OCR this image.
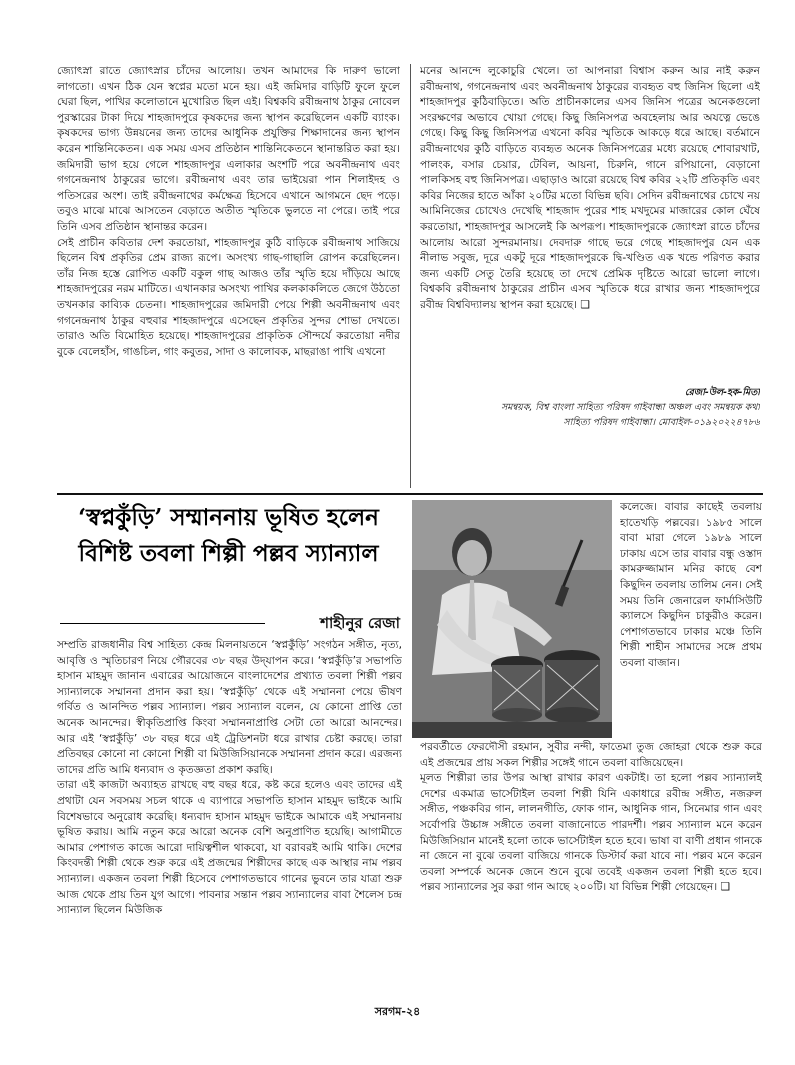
জ্যোৎস্না রাতে জ্যোৎস্নার চাঁদের আলোয়। তখন আমাদের কি দারুণ ভালো লাগতো। এখন ঠিক যেন স্বপ্নের মতো মনে হয়। এই জমিদার বাড়িটি ফুলে ফুলে ঘেরা ছিল, পাখির কলোতানে মুখোরিত ছিল এই। বিশ্বকবি রবীন্দ্রনাথ ঠাকুর নোবেল পুরস্কারের টাকা দিয়ে শাহজাদপুরে কৃষকদের জন্য স্থাপন করেছিলেন একটি ব্যাংক। কৃষকদের ভাগ্য উন্নয়নের জন্য তাদের আধুনিক প্রযুক্তির শিক্ষাদানের জন্য স্থাপন করেন শান্তিনিকেতন। এক সময় এসব প্রতিষ্ঠান শান্তিনিকেতনে স্থানান্তরিত করা হয়। জমিদারী ভাগ হয়ে গেলে শাহজাদপুর এলাকার অংশটি পরে অবনীন্দ্রনাথ এবং গগনেন্দ্রনাথ ঠাকুরের ভাগে। রবীন্দ্রনাথ এবং তার ভাইয়েরা পান শিলাইদহ ও পতিসরের অংশ। তাই রবীন্দ্রনাথের কর্মক্ষেত্র হিসেবে এখানে আগমনে ছেদ পড়ে। তবুও মাঝে মাঝে আসতেন বেড়াতে অতীত স্মৃতিকে ভুলতে না পেরে। তাই পরে তিনি এসব প্রতিষ্ঠান স্থানান্তর করেন।

সেই প্রাচীন কবিতার দেশ করতোয়া, শাহজাদপুর কুঠি বাড়িকে রবীন্দ্রনাথ সাজিয়ে ছিলেন বিশ্ব প্রকৃতির প্রেম রাজ্য রূপে। অসংখ্য গাছ-গাছালি রোপন করেছিলেন। তাঁর নিজ হস্তে রোপিত একটি বকুল গাছ আজও তাঁর স্মৃতি হয়ে দাঁড়িয়ে আছে শাহজাদপুরের নরম মাটিতে। এখানকার অসংখ্য পাখির কলকাকলিতে জেগে উঠতো তখনকার কাব্যিক চেতনা। শাহজাদপুরের জমিদারী পেয়ে শিল্পী অবনীন্দ্রনাথ এবং গগনেন্দ্রনাথ ঠাকুর বহুবার শাহজাদপুরে এসেছেন প্রকৃতির সুন্দর শোভা দেখতে। তারাও অতি বিমোহিত হয়েছে। শাহজাদপুরের প্রাকৃতিক সৌন্দর্যে করতোয়া নদীর বুকে বেলেহাঁস, গাঙচিল, গাং কবুতর, সাদা ও কালোবক, মাছরাঙা পাখি এখনো

মনের আনন্দে লুকোচুরি খেলে। তা আপনারা বিশ্বাস করুন আর নাই করুন রবীন্দ্রনাথ, গগনেন্দ্রনাথ এবং অবনীন্দ্রনাথ ঠাকুরের ব্যবহৃত বহু জিনিস ছিলো এই শাহজাদপুর কুঠিবাড়িতে। অতি প্রাচীনকালের এসব জিনিস পত্রের অনেকগুলো সংরক্ষণের অভাবে খোয়া গেছে। কিছু জিনিসপত্র অবহেলায় আর অযত্নে ভেঙে গেছে। কিছু কিছু জিনিসপত্র এখনো কবির স্মৃতিকে আকড়ে ধরে আছে। বর্তমানে রবীন্দ্রনাথের কুঠি বাড়িতে ব্যবহৃত অনেক জিনিসপত্রের মধ্যে রয়েছে শোবারখাট, পালংক, বসার চেয়ার, টেবিল, আয়না, চিরুনি, গানে রপিয়ানো, বেড়ানো পালকিসহ বহু জিনিসপত্র। এছাড়াও আরো রয়েছে বিশ্ব কবির ২২টি প্রতিকৃতি এবং কবির নিজের হাতে আঁকা ২০টির মতো বিভিন্ন ছবি। সেদিন রবীন্দ্রনাথের চোখে নয় আমিনিজের চোখেও দেখেছি শাহজাদ পুরের শাহ মখদুমের মাজারের কোল ঘেঁষে করতোয়া, শাহজাদপুর আসলেই কি অপরূপ। শাহজাদপুরকে জ্যোৎস্না রাতে চাঁদের আলোয় আরো সুন্দরমানায়। দেবদারু গাছে ভরে গেছে শাহজাদপুর যেন এক নীলাভ সবুজ, দূরে একটু দূরে শাহজাদপুরকে দ্বি-খণ্ডিত এক খন্ডে পরিণত করার জন্য একটি সেতু তৈরি হয়েছে তা দেখে প্রেমিক দৃষ্টিতে আরো ভালো লাগে। বিশ্বকবি রবীন্দ্রনাথ ঠাকুরের প্রাচীন এসব স্মৃতিকে ধরে রাখার জন্য শাহজাদপুরে রবীন্দ্র বিশ্ববিদ্যালয় স্থাপন করা হয়েছে। ❑

রেজা-উল-হক-মিতা
সমন্বয়ক, বিশ্ব বাংলা সাহিত্য পরিষদ গাইবান্ধা অঞ্চল এবং সমন্বয়ক কথা
সাহিত্য পরিষদ গাইবান্ধা। মোবাইল-০১৯২০২২৪৭৮৬
‘স্বপ্নকুঁড়ি’ সম্মাননায় ভূষিত হলেন বিশিষ্ট তবলা শিল্পী পল্লব স্যান্যাল
শাহীনুর রেজা

সম্প্রতি রাজধানীর বিশ্ব সাহিত্য কেন্দ্র মিলনায়তনে ‘স্বপ্নকুঁড়ি’ সংগঠন সঙ্গীত, নৃত্য, আবৃত্তি ও স্মৃতিচারণ নিয়ে গৌরবের ৩৮ বছর উদ্‌যাপন করে। ‘স্বপ্নকুঁড়ি’র সভাপতি হাসান মাহমুদ জানান এবারের আয়োজনে বাংলাদেশের প্রখ্যাত তবলা শিল্পী পল্লব স্যান্যালকে সম্মাননা প্রদান করা হয়। ‘স্বপ্নকুঁড়ি’ থেকে এই সম্মাননা পেয়ে ভীষণ গর্বিত ও আনন্দিত পল্লব স্যান্যাল। পল্লব স্যান্যাল বলেন, যে কোনো প্রাপ্তি তো অনেক আনন্দের। স্বীকৃতিপ্রাপ্তি কিংবা সম্মাননাপ্রাপ্তি সেটা তো আরো আনন্দের। আর এই ‘স্বপ্নকুঁড়ি’ ৩৮ বছর ধরে এই ট্রেডিশনটা ধরে রাখার চেষ্টা করছে। তারা প্রতিবছর কোনো না কোনো শিল্পী বা মিউজিসিয়ানকে সম্মাননা প্রদান করে। এরজন্য তাদের প্রতি আমি ধন্যবাদ ও কৃতজ্ঞতা প্রকাশ করছি।

তারা এই কাজটা অব্যাহত রাখছে বহু বছর ধরে, কষ্ট করে হলেও এবং তাদের এই প্রথাটা যেন সবসময় সচল থাকে এ ব্যাপারে সভাপতি হাসান মাহমুদ ভাইকে আমি বিশেষভাবে অনুরোধ করেছি। ধন্যবাদ হাসান মাহমুদ ভাইকে আমাকে এই সম্মাননায় ভূষিত করায়। আমি নতুন করে আরো অনেক বেশি অনুপ্রাণিত হয়েছি। আগামীতে আমার পেশাগত কাজে আরো দায়িত্বশীল থাকবো, যা বরাবরই আমি থাকি। দেশের কিংবদন্তী শিল্পী থেকে শুরু করে এই প্রজন্মের শিল্পীদের কাছে এক আস্থার নাম পল্লব স্যান্যাল। একজন তবলা শিল্পী হিসেবে পেশাগতভাবে গানের ভুবনে তার যাত্রা শুরু আজ থেকে প্রায় তিন যুগ আগে। পাবনার সন্তান পল্লব স্যান্যালের বাবা শৈলেস চন্দ্র স্যান্যাল ছিলেন মিউজিক

কলেজে। বাবার কাছেই তবলায় হাতেখড়ি পল্লবের। ১৯৮৫ সালে বাবা মারা গেলে ১৯৮৯ সালে ঢাকায় এসে তার বাবার বন্ধু ওস্তাদ কামরুজ্জামান মনির কাছে বেশ কিছুদিন তবলায় তালিম নেন। সেই সময় তিনি জেনারেল ফার্মাসিউটি ক্যালসে কিছুদিন চাকুরীও করেন। পেশাগতভাবে ঢাকার মঞ্চে তিনি শিল্পী শাহীন সামাদের সঙ্গে প্রথম তবলা বাজান।

পরবর্তীতে ফেরদৌসী রহমান, সুবীর নন্দী, ফাতেমা তুজ জোহরা থেকে শুরু করে এই প্রজন্মের প্রায় সকল শিল্পীর সঙ্গেই গানে তবলা বাজিয়েছেন।

মূলত শিল্পীরা তার উপর আস্থা রাখার কারণ একটাই। তা হলো পল্লব স্যান্যালই দেশের একমাত্র ভার্সেটাইল তবলা শিল্পী যিনি একাধারে রবীন্দ্র সঙ্গীত, নজরুল সঙ্গীত, পঞ্চকবির গান, লালনগীতি, ফোক গান, আধুনিক গান, সিনেমার গান এবং সর্বোপরি উচ্চাঙ্গ সঙ্গীতে তবলা বাজানোতে পারদর্শী। পল্লব স্যান্যাল মনে করেন মিউজিসিয়ান মানেই হলো তাকে ভার্সেটাইল হতে হবে। ভাষা বা বাণী প্রধান গানকে না জেনে না বুঝে তবলা বাজিয়ে গানকে ডিস্টার্ব করা যাবে না। পল্লব মনে করেন তবলা সম্পর্কে অনেক জেনে শুনে বুঝে তবেই একজন তবলা শিল্পী হতে হবে। পল্লব স্যান্যালের সুর করা গান আছে ২০০টি। যা বিভিন্ন শিল্পী গেয়েছেন। ❑

সরগম-২৪
